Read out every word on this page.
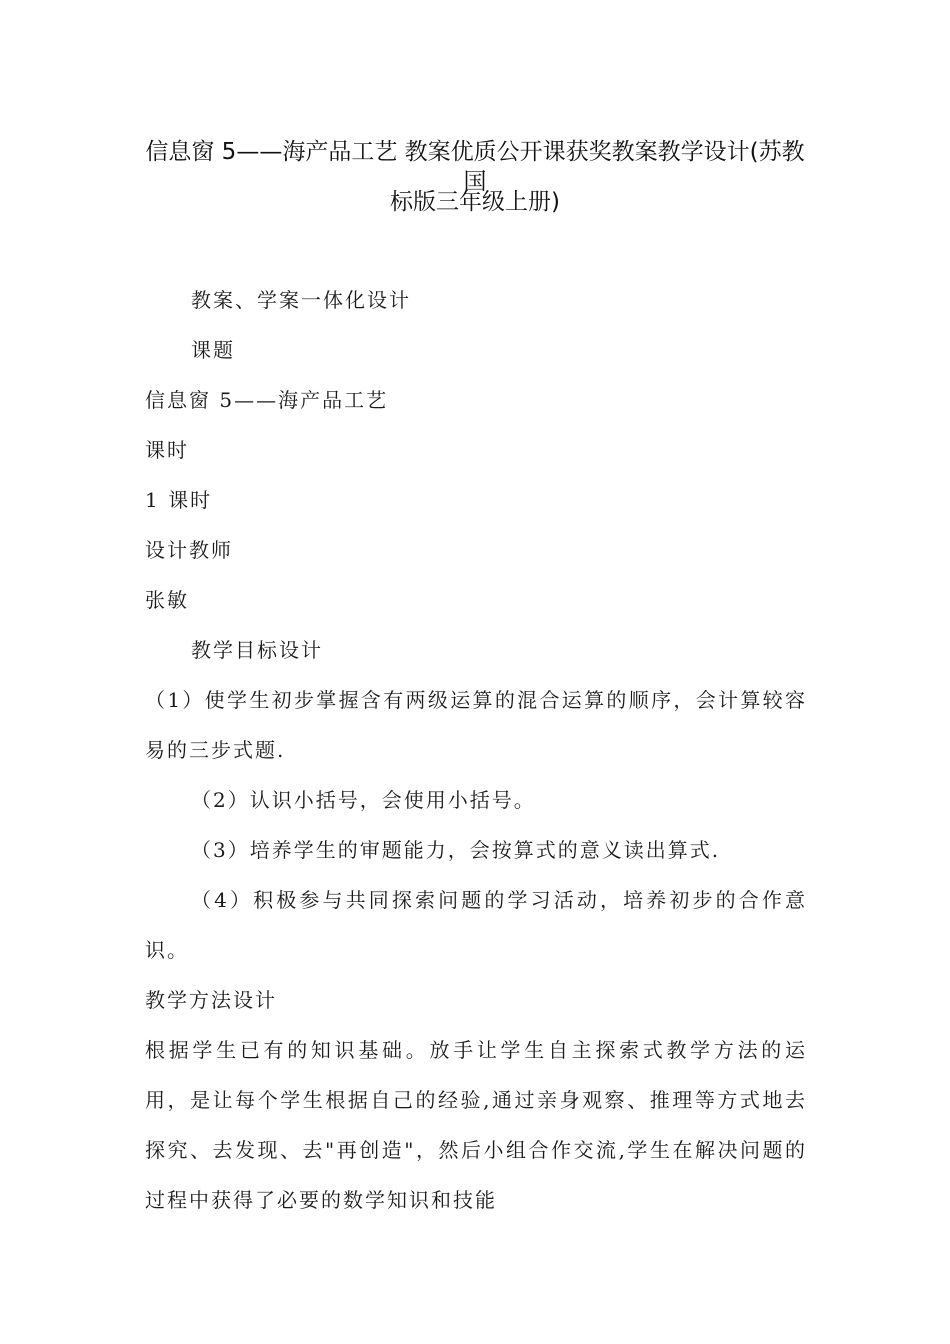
信息窗 5——海产品工艺 教案优质公开课获奖教案教学设计(苏教国
标版三年级上册)
教案、学案一体化设计
课题
信息窗 5——海产品工艺
课时
1 课时
设计教师
张敏
教学目标设计
（1）使学生初步掌握含有两级运算的混合运算的顺序，会计算较容
易的三步式题.
（2）认识小括号，会使用小括号。
（3）培养学生的审题能力，会按算式的意义读出算式.
（4）积极参与共同探索问题的学习活动，培养初步的合作意
识。
教学方法设计
根据学生已有的知识基础。放手让学生自主探索式教学方法的运
用，是让每个学生根据自己的经验,通过亲身观察、推理等方式地去
探究、去发现、去"再创造"，然后小组合作交流,学生在解决问题的
过程中获得了必要的数学知识和技能
